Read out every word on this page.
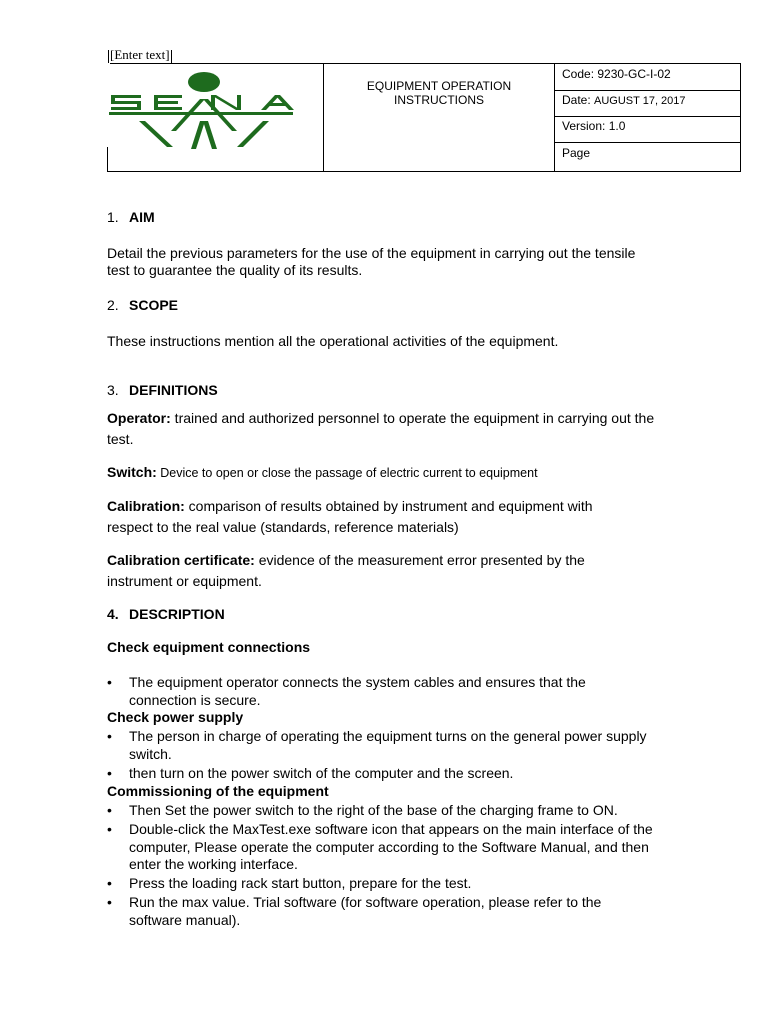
[Enter text]
EQUIPMENT OPERATION
INSTRUCTIONS
Code: 9230-GC-I-02
Date: AUGUST 17, 2017
Version: 1.0
Page
1. AIM
Detail the previous parameters for the use of the equipment in carrying out the tensile test to guarantee the quality of its results.
2. SCOPE
These instructions mention all the operational activities of the equipment.
3. DEFINITIONS
Operator: trained and authorized personnel to operate the equipment in carrying out the test.
Switch: Device to open or close the passage of electric current to equipment
Calibration: comparison of results obtained by instrument and equipment with respect to the real value (standards, reference materials)
Calibration certificate: evidence of the measurement error presented by the instrument or equipment.
4. DESCRIPTION
Check equipment connections
• The equipment operator connects the system cables and ensures that the connection is secure.
Check power supply
• The person in charge of operating the equipment turns on the general power supply switch.
• then turn on the power switch of the computer and the screen.
Commissioning of the equipment
• Then Set the power switch to the right of the base of the charging frame to ON.
• Double-click the MaxTest.exe software icon that appears on the main interface of the computer, Please operate the computer according to the Software Manual, and then enter the working interface.
• Press the loading rack start button, prepare for the test.
• Run the max value. Trial software (for software operation, please refer to the software manual).
